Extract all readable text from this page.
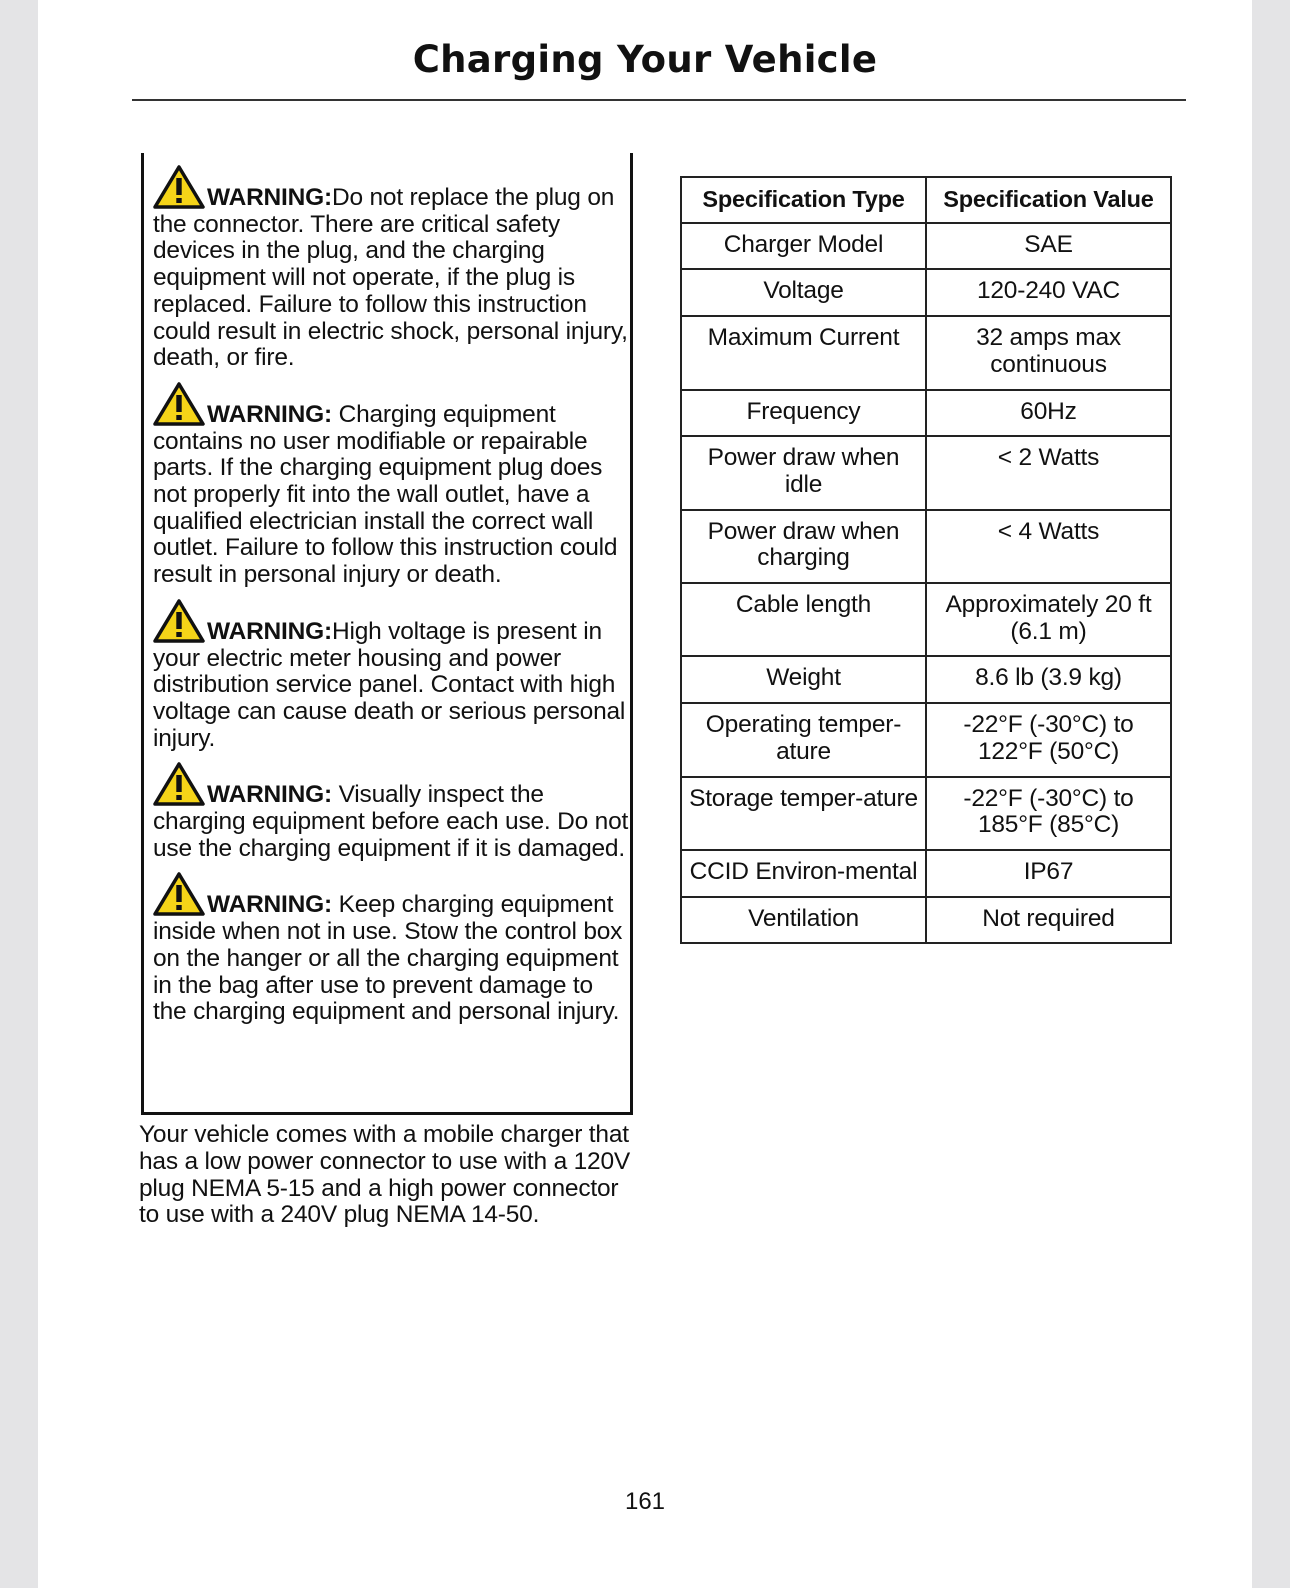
Charging Your Vehicle

WARNING:Do not replace the plug on the connector. There are critical safety devices in the plug, and the charging equipment will not operate, if the plug is replaced. Failure to follow this instruction could result in electric shock, personal injury, death, or fire.

WARNING: Charging equipment contains no user modifiable or repairable parts. If the charging equipment plug does not properly fit into the wall outlet, have a qualified electrician install the correct wall outlet. Failure to follow this instruction could result in personal injury or death.

WARNING:High voltage is present in your electric meter housing and power distribution service panel. Contact with high voltage can cause death or serious personal injury.

WARNING: Visually inspect the charging equipment before each use. Do not use the charging equipment if it is damaged.

WARNING: Keep charging equipment inside when not in use. Stow the control box on the hanger or all the charging equipment in the bag after use to prevent damage to the charging equipment and personal injury.

Your vehicle comes with a mobile charger that has a low power connector to use with a 120V plug NEMA 5-15 and a high power connector to use with a 240V plug NEMA 14-50.

Specification Type	Specification Value
Charger Model	SAE
Voltage	120-240 VAC
Maximum Current	32 amps max continuous
Frequency	60Hz
Power draw when idle	< 2 Watts
Power draw when charging	< 4 Watts
Cable length	Approximately 20 ft (6.1 m)
Weight	8.6 lb (3.9 kg)
Operating temper-ature	-22°F (-30°C) to 122°F (50°C)
Storage temper-ature	-22°F (-30°C) to 185°F (85°C)
CCID Environ-mental	IP67
Ventilation	Not required

161
